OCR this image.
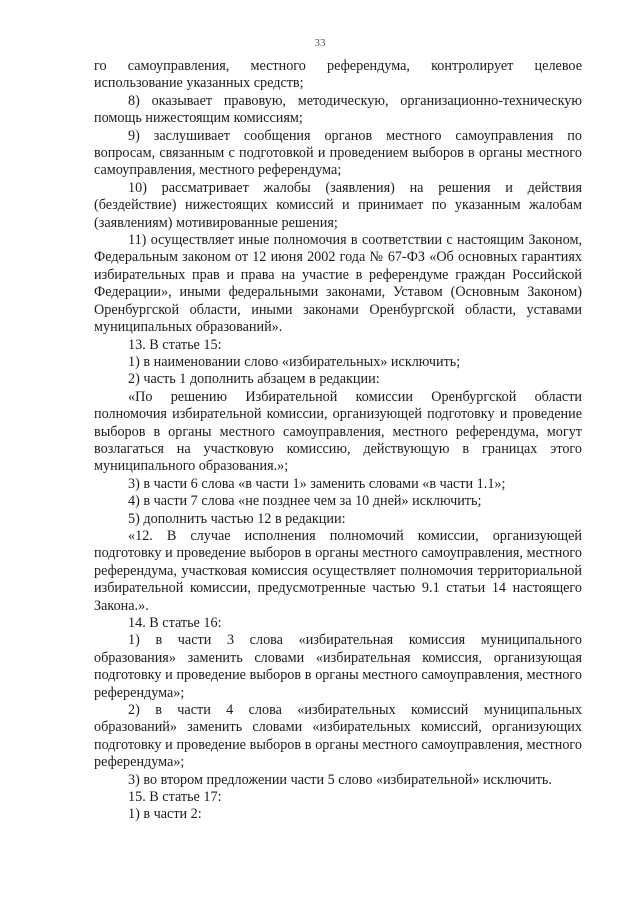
33

го самоуправления, местного референдума, контролирует целевое использование указанных средств;

8) оказывает правовую, методическую, организационно-техническую помощь нижестоящим комиссиям;

9) заслушивает сообщения органов местного самоуправления по вопросам, связанным с подготовкой и проведением выборов в органы местного самоуправления, местного референдума;

10) рассматривает жалобы (заявления) на решения и действия (бездействие) нижестоящих комиссий и принимает по указанным жалобам (заявлениям) мотивированные решения;

11) осуществляет иные полномочия в соответствии с настоящим Законом, Федеральным законом от 12 июня 2002 года № 67-ФЗ «Об основных гарантиях избирательных прав и права на участие в референдуме граждан Российской Федерации», иными федеральными законами, Уставом (Основным Законом) Оренбургской области, иными законами Оренбургской области, уставами муниципальных образований».

13. В статье 15:

1) в наименовании слово «избирательных» исключить;

2) часть 1 дополнить абзацем в редакции:

«По решению Избирательной комиссии Оренбургской области полномочия избирательной комиссии, организующей подготовку и проведение выборов в органы местного самоуправления, местного референдума, могут возлагаться на участковую комиссию, действующую в границах этого муниципального образования.»;

3) в части 6 слова «в части 1» заменить словами «в части 1.1»;

4) в части 7 слова «не позднее чем за 10 дней» исключить;

5) дополнить частью 12 в редакции:

«12. В случае исполнения полномочий комиссии, организующей подготовку и проведение выборов в органы местного самоуправления, местного референдума, участковая комиссия осуществляет полномочия территориальной избирательной комиссии, предусмотренные частью 9.1 статьи 14 настоящего Закона.».

14. В статье 16:

1) в части 3 слова «избирательная комиссия муниципального образования» заменить словами «избирательная комиссия, организующая подготовку и проведение выборов в органы местного самоуправления, местного референдума»;

2) в части 4 слова «избирательных комиссий муниципальных образований» заменить словами «избирательных комиссий, организующих подготовку и проведение выборов в органы местного самоуправления, местного референдума»;

3) во втором предложении части 5 слово «избирательной» исключить.

15. В статье 17:

1) в части 2:
